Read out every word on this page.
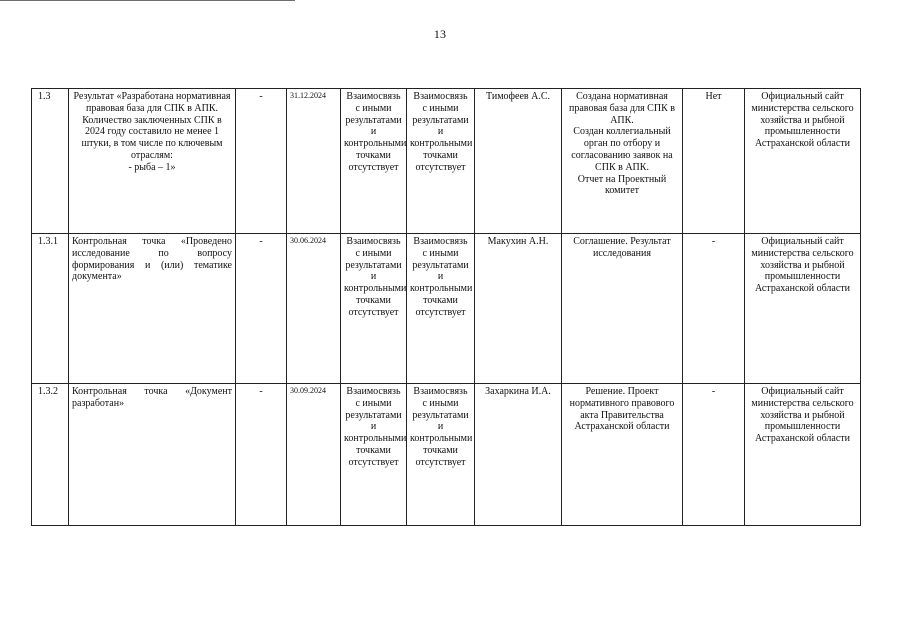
13
1.3	Результат «Разработана нормативная правовая база для СПК в АПК. Количество заключенных СПК в 2024 году составило не менее 1 штуки, в том числе по ключевым отраслям:
- рыба – 1»	-	31.12.2024	Взаимосвязь с иными результатами и контрольными точками отсутствует	Взаимосвязь с иными результатами и контрольными точками отсутствует	Тимофеев А.С.	Создана нормативная правовая база для СПК в АПК.
Создан коллегиальный орган по отбору и согласованию заявок на СПК в АПК.
Отчет на Проектный комитет	Нет	Официальный сайт министерства сельского хозяйства и рыбной промышленности Астраханской области
1.3.1	Контрольная точка «Проведено исследование по вопросу формирования и (или) тематике документа»	-	30.06.2024	Взаимосвязь с иными результатами и контрольными точками отсутствует	Взаимосвязь с иными результатами и контрольными точками отсутствует	Макухин А.Н.	Соглашение. Результат исследования	-	Официальный сайт министерства сельского хозяйства и рыбной промышленности Астраханской области
1.3.2	Контрольная точка «Документ разработан»	-	30.09.2024	Взаимосвязь с иными результатами и контрольными точками отсутствует	Взаимосвязь с иными результатами и контрольными точками отсутствует	Захаркина И.А.	Решение. Проект нормативного правового акта Правительства Астраханской области	-	Официальный сайт министерства сельского хозяйства и рыбной промышленности Астраханской области
